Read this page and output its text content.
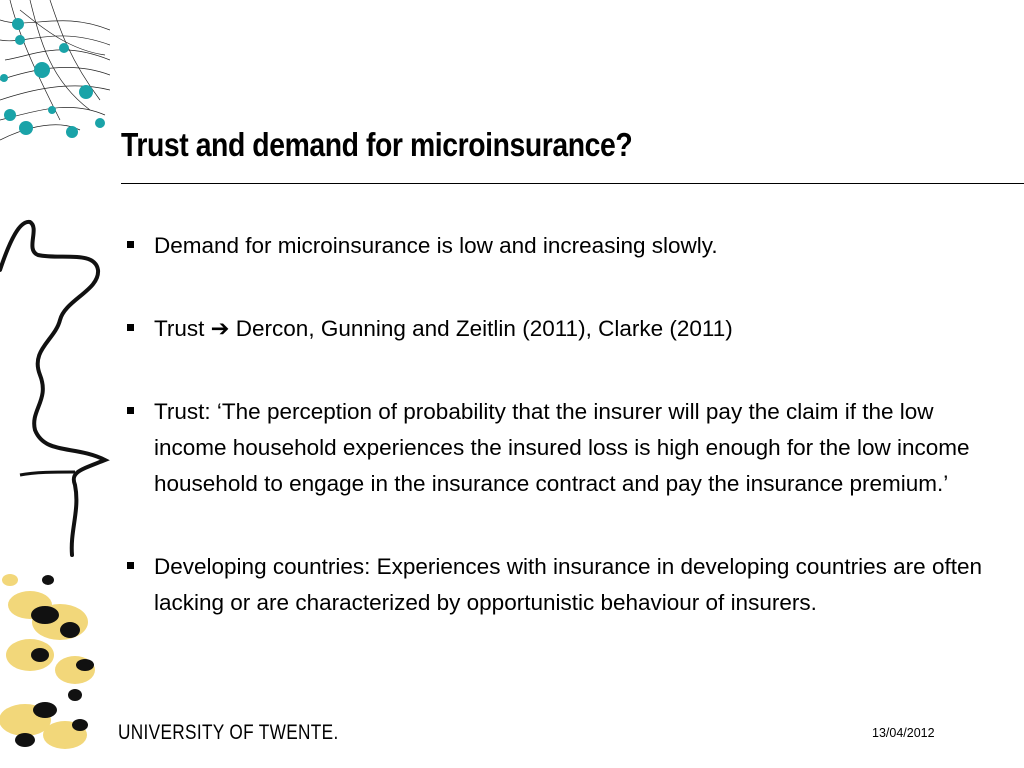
Trust and demand for microinsurance?
Demand for microinsurance is low and increasing slowly.
Trust ➔ Dercon, Gunning and Zeitlin (2011), Clarke (2011)
Trust: ‘The perception of probability that the insurer will pay the claim if the low income household experiences the insured loss is high enough for the low income household to engage in the insurance contract and pay the insurance premium.’
Developing countries: Experiences with insurance in developing countries are often lacking or are characterized by opportunistic behaviour of insurers.
UNIVERSITY OF TWENTE.	13/04/2012
